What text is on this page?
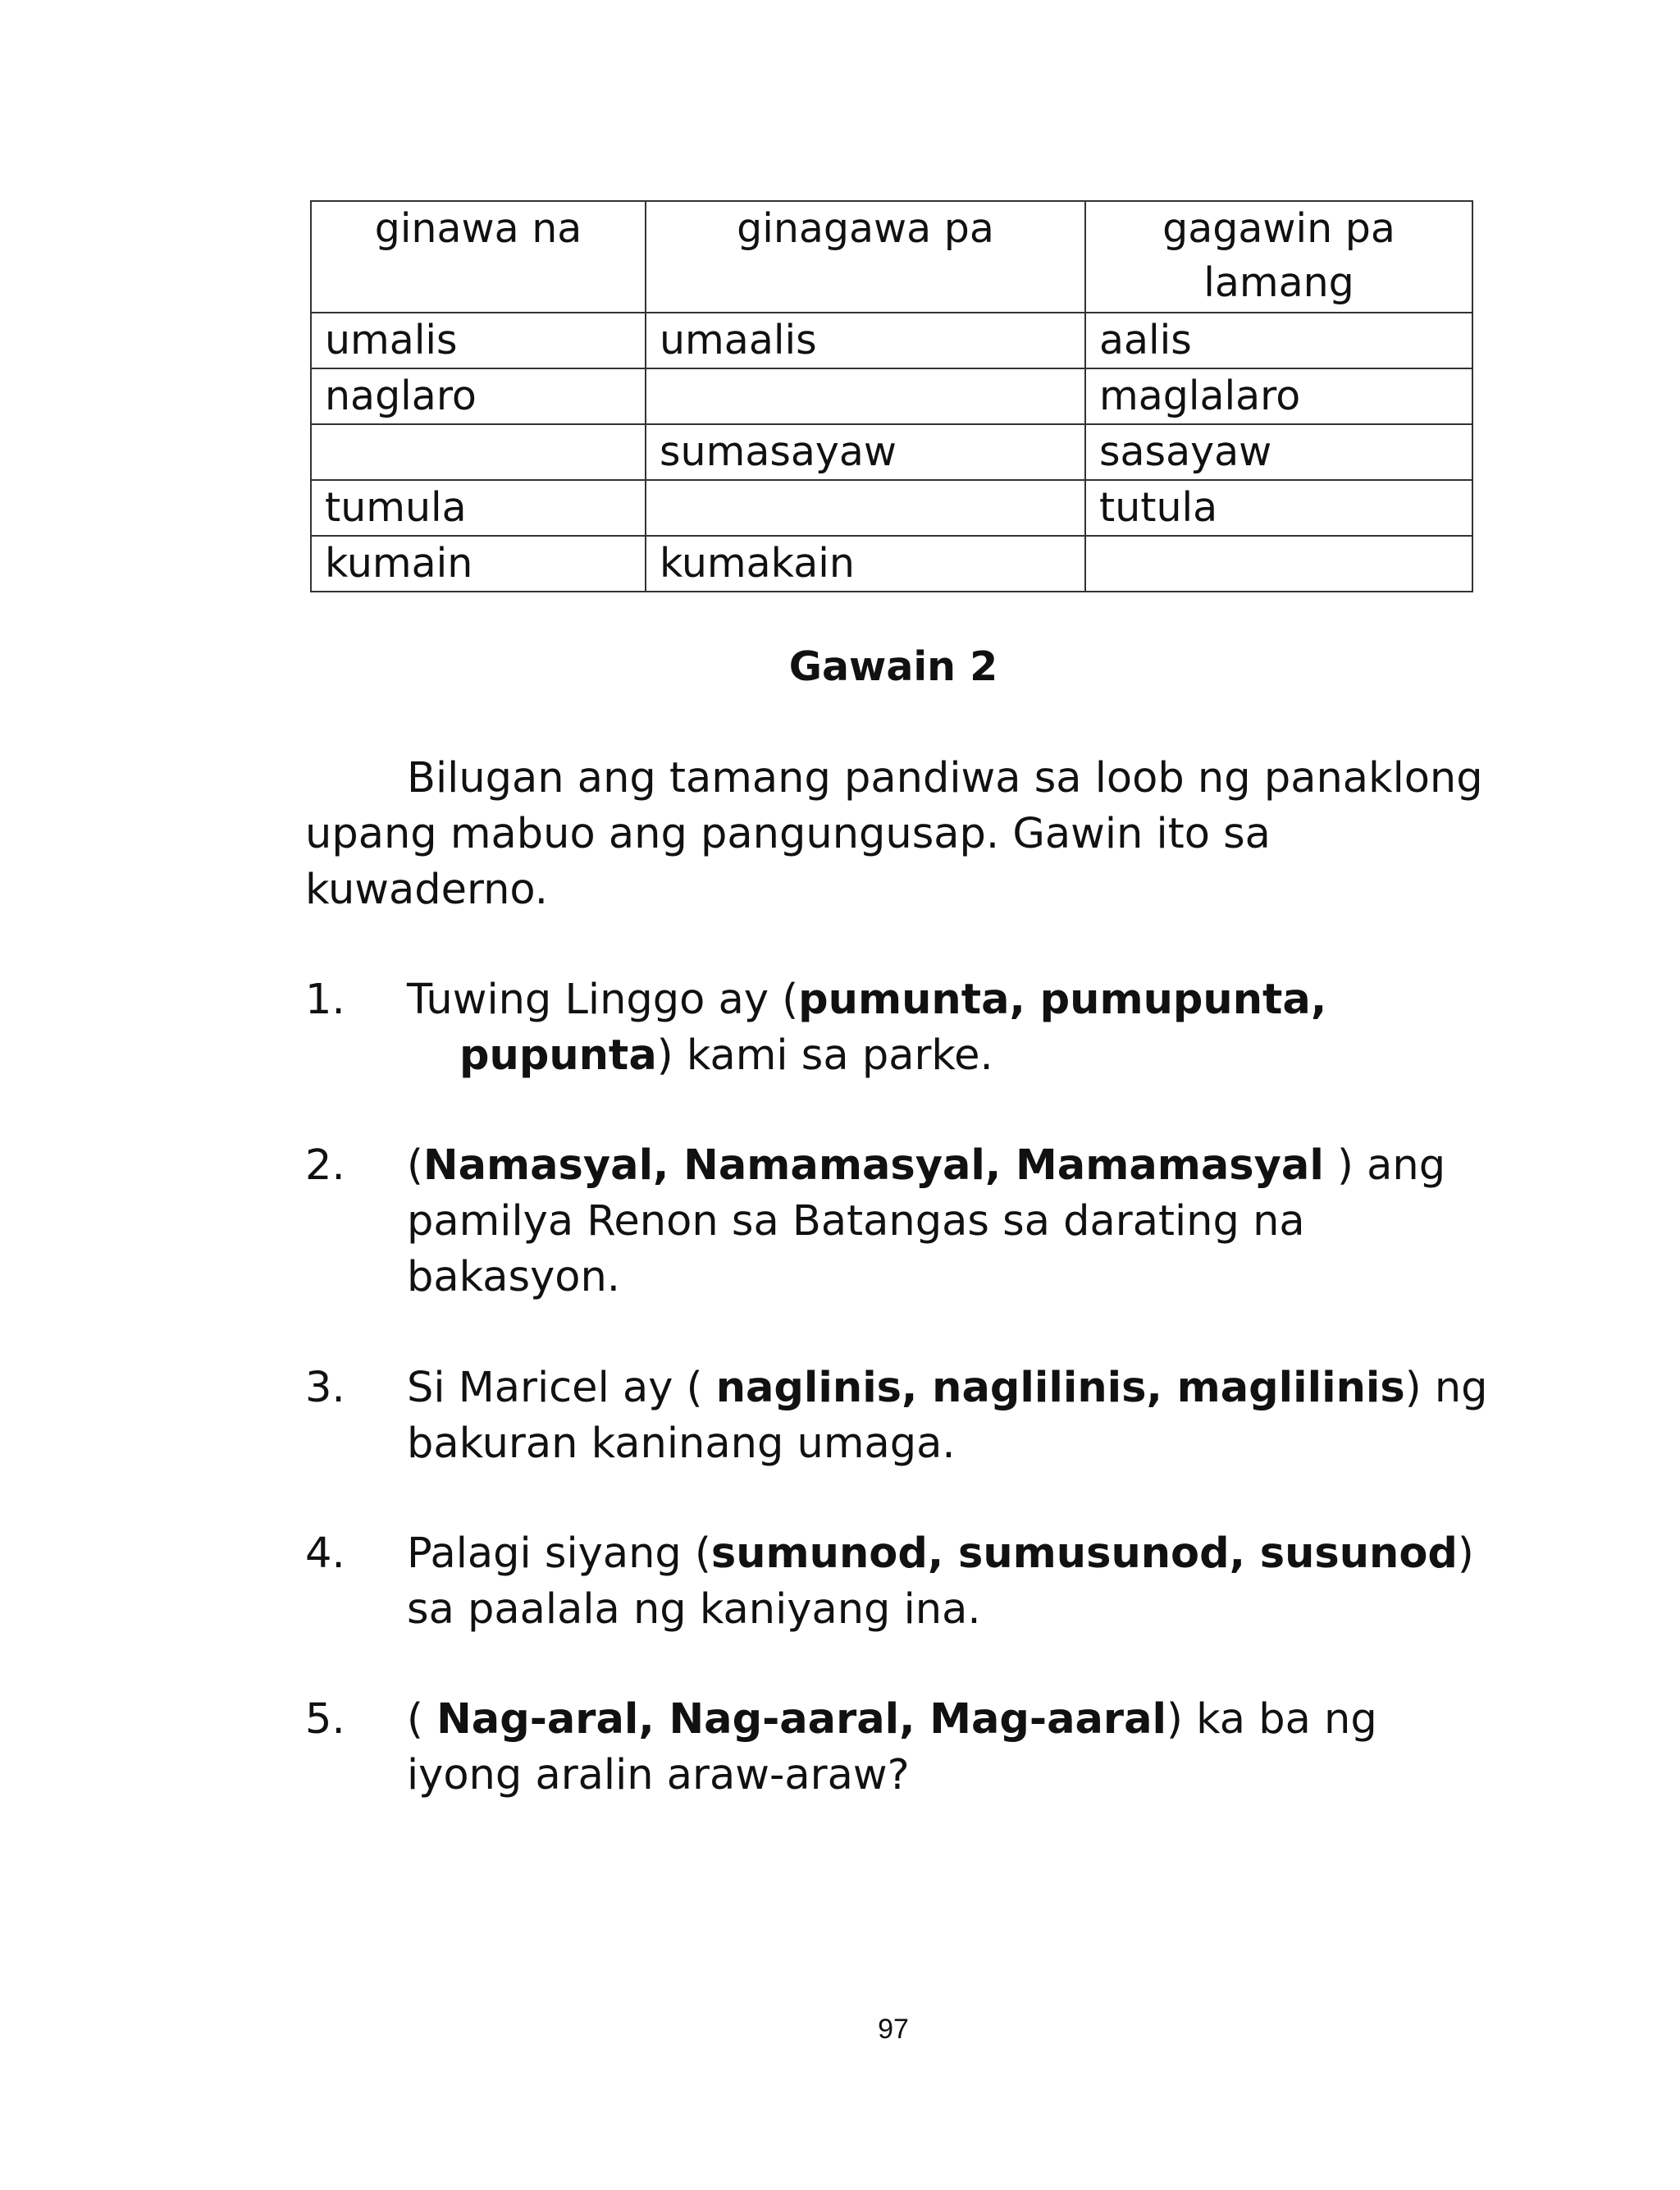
ginawa na	ginagawa pa	gagawin pa lamang
umalis	umaalis	aalis
naglaro		maglalaro
	sumasayaw	sasayaw
tumula		tutula
kumain	kumakain	
Gawain 2

Bilugan ang tamang pandiwa sa loob ng panaklong upang mabuo ang pangungusap. Gawin ito sa kuwaderno.

1.	Tuwing Linggo ay (pumunta, pumupunta,
pupunta) kami sa parke.
2.	(Namasyal, Namamasyal, Mamamasyal ) ang
pamilya Renon sa Batangas sa darating na
bakasyon.
3.	Si Maricel ay ( naglinis, naglilinis, maglilinis) ng
bakuran kaninang umaga.
4.	Palagi siyang (sumunod, sumusunod, susunod)
sa paalala ng kaniyang ina.
5.	( Nag-aral, Nag-aaral, Mag-aaral) ka ba ng
iyong aralin araw-araw?
97
